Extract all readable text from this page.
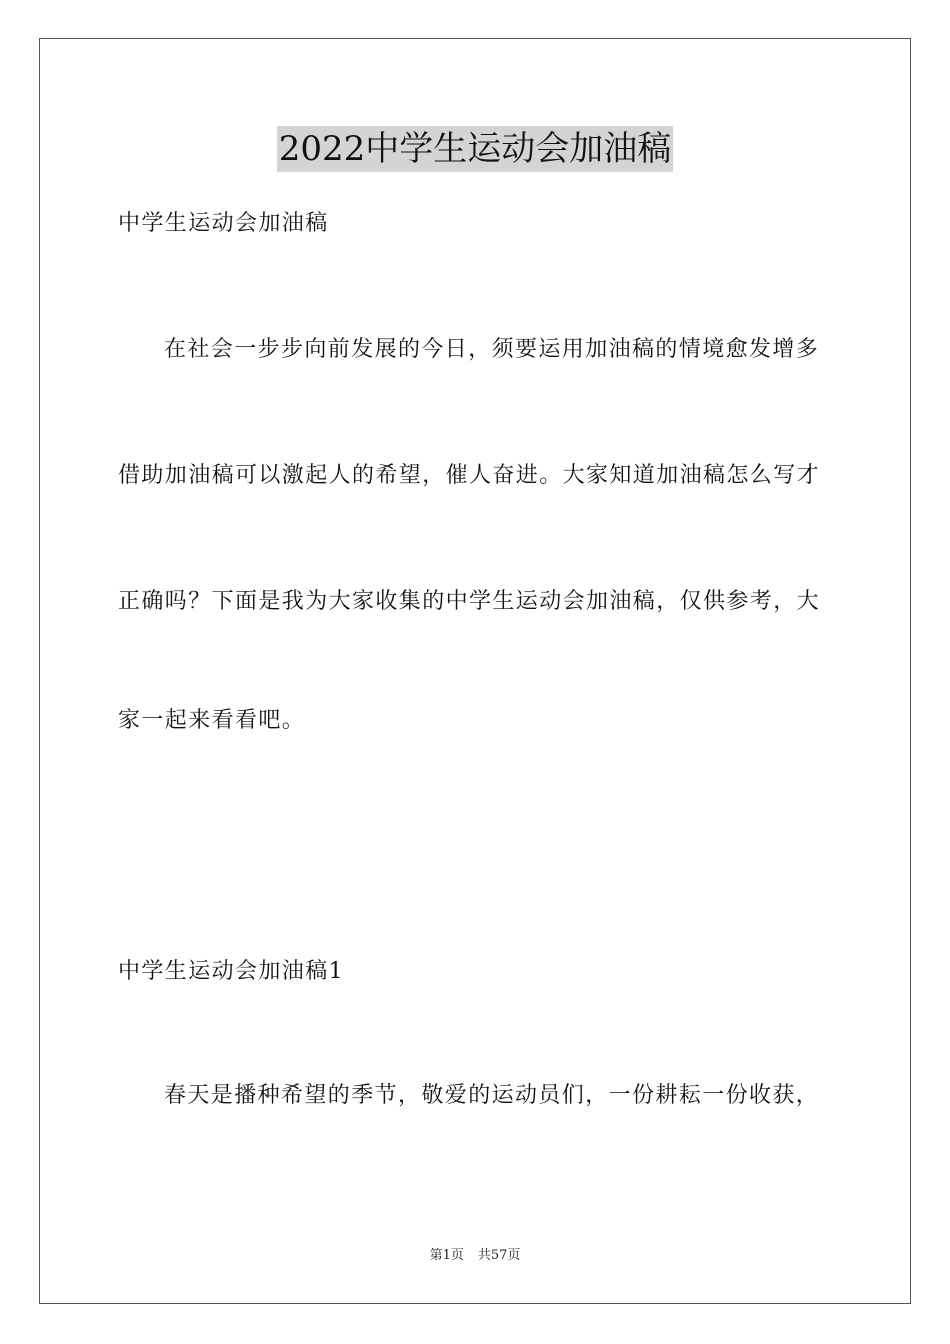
2022中学生运动会加油稿
中学生运动会加油稿
在社会一步步向前发展的今日，须要运用加油稿的情境愈发增多
借助加油稿可以激起人的希望，催人奋进。大家知道加油稿怎么写才
正确吗？下面是我为大家收集的中学生运动会加油稿，仅供参考，大
家一起来看看吧。
中学生运动会加油稿1
春天是播种希望的季节，敬爱的运动员们，一份耕耘一份收获，
第1页 共57页
